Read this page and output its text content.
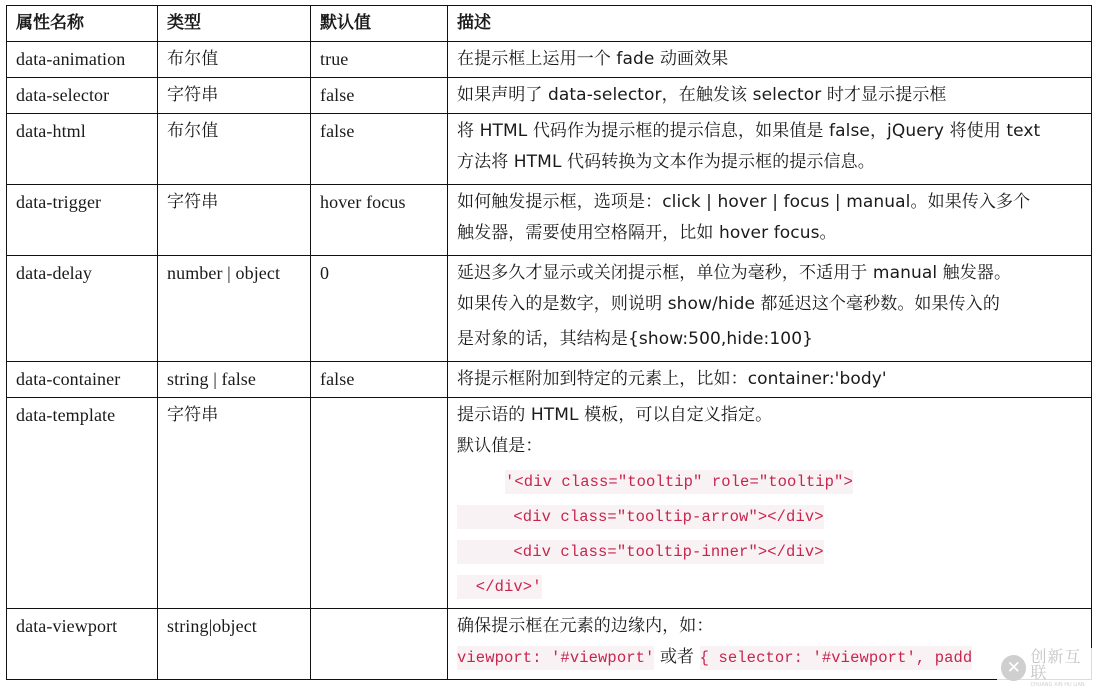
属性名称	类型	默认值	描述
data-animation	布尔值	true	在提示框上运用一个 fade 动画效果

data-selector	字符串	false	如果声明了 data-selector，在触发该 selector 时才显示提示框

data-html	布尔值	false	将 HTML 代码作为提示框的提示信息，如果值是 false，jQuery 将使用 text
方法将 HTML 代码转换为文本作为提示框的提示信息。

data-trigger	字符串	hover focus	如何触发提示框，选项是：click | hover | focus | manual。如果传入多个
触发器，需要使用空格隔开，比如 hover focus。

data-delay	number | object	0	延迟多久才显示或关闭提示框，单位为毫秒，不适用于 manual 触发器。
如果传入的是数字，则说明 show/hide 都延迟这个毫秒数。如果传入的
是对象的话，其结构是{show:500,hide:100}

data-container	string | false	false	将提示框附加到特定的元素上，比如：container:'body'

data-template	字符串		提示语的 HTML 模板，可以自定义指定。
默认值是：
'<div class="tooltip" role="tooltip">
<div class="tooltip-arrow"></div>
<div class="tooltip-inner"></div>
</div>'

data-viewport	string|object		确保提示框在元素的边缘内，如：
viewport: '#viewport' 或者 { selector: '#viewport', padd	✕
创新互联
CHUANG XIN HU LIAN
